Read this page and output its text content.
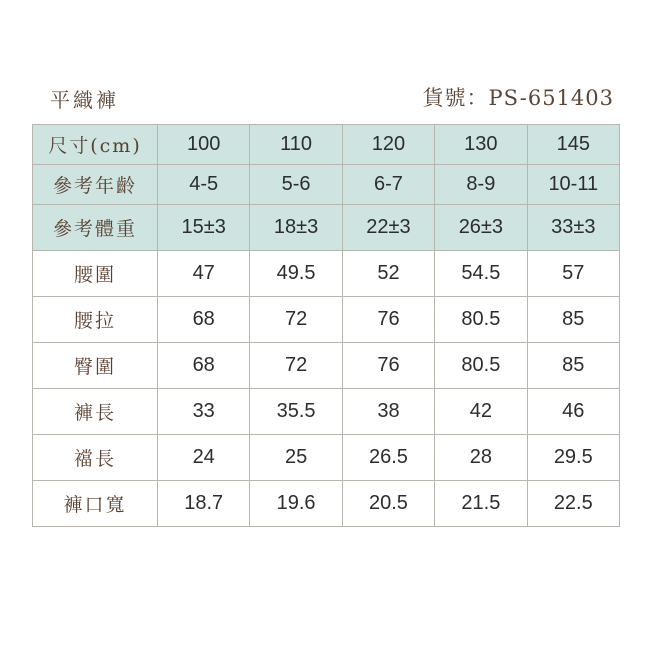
平織褲	貨號：PS-651403
尺寸(cm)	100	110	120	130	145
參考年齡	4-5	5-6	6-7	8-9	10-11
參考體重	15±3	18±3	22±3	26±3	33±3
腰圍	47	49.5	52	54.5	57
腰拉	68	72	76	80.5	85
臀圍	68	72	76	80.5	85
褲長	33	35.5	38	42	46
襠長	24	25	26.5	28	29.5
褲口寬	18.7	19.6	20.5	21.5	22.5
